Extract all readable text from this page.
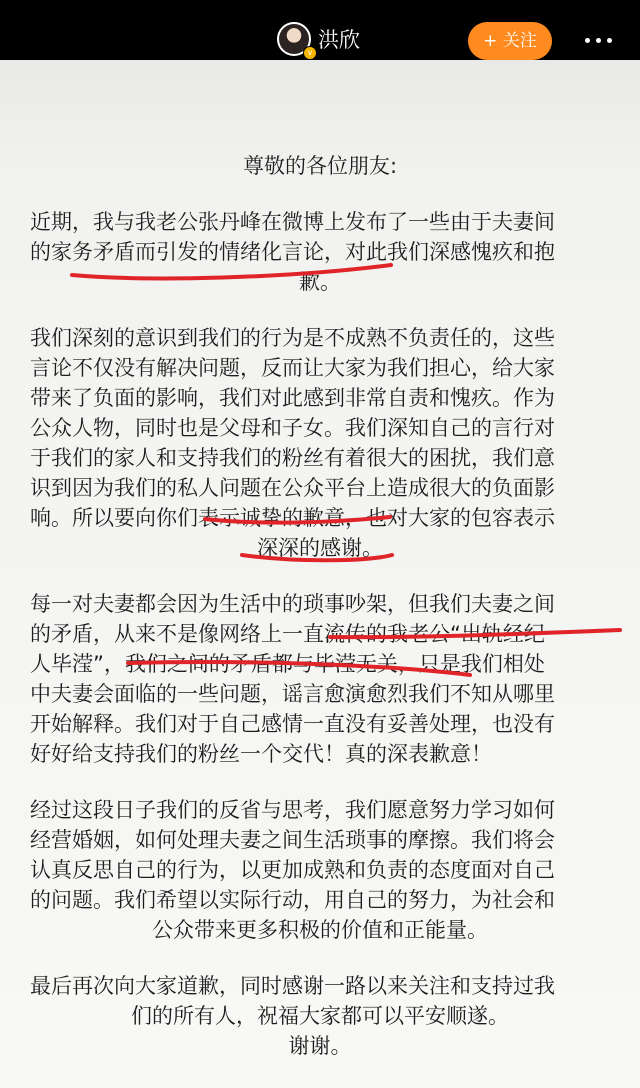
v
洪欣	+ 关注
尊敬的各位朋友:
近期，我与我老公张丹峰在微博上发布了一些由于夫妻间
的家务矛盾而引发的情绪化言论，对此我们深感愧疚和抱
歉。
我们深刻的意识到我们的行为是不成熟不负责任的，这些
言论不仅没有解决问题，反而让大家为我们担心，给大家
带来了负面的影响，我们对此感到非常自责和愧疚。作为
公众人物，同时也是父母和子女。我们深知自己的言行对
于我们的家人和支持我们的粉丝有着很大的困扰，我们意
识到因为我们的私人问题在公众平台上造成很大的负面影
响。所以要向你们表示诚挚的歉意，也对大家的包容表示
深深的感谢。
每一对夫妻都会因为生活中的琐事吵架，但我们夫妻之间
的矛盾，从来不是像网络上一直流传的我老公“出轨经纪
人毕滢”，我们之间的矛盾都与毕滢无关，只是我们相处
中夫妻会面临的一些问题，谣言愈演愈烈我们不知从哪里
开始解释。我们对于自己感情一直没有妥善处理，也没有
好好给支持我们的粉丝一个交代！真的深表歉意！
经过这段日子我们的反省与思考，我们愿意努力学习如何
经营婚姻，如何处理夫妻之间生活琐事的摩擦。我们将会
认真反思自己的行为，以更加成熟和负责的态度面对自己
的问题。我们希望以实际行动，用自己的努力，为社会和
公众带来更多积极的价值和正能量。
最后再次向大家道歉，同时感谢一路以来关注和支持过我
们的所有人，祝福大家都可以平安顺遂。
谢谢。
